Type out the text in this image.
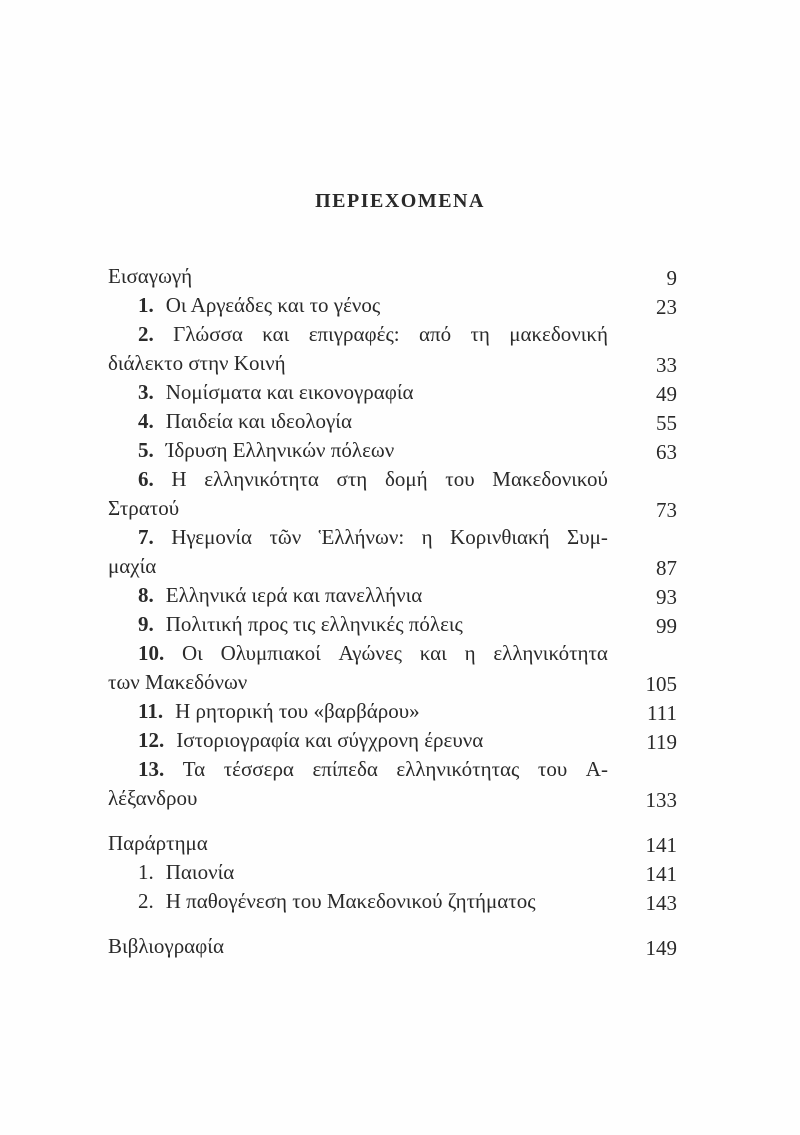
ΠΕΡΙΕΧΟΜΕΝΑ
Εισαγωγή	9
1. Οι Αργεάδες και το γένος	23
2. Γλώσσα και επιγραφές: από τη μακεδονική
διάλεκτο στην Κοινή	33
3. Νομίσματα και εικονογραφία	49
4. Παιδεία και ιδεολογία	55
5. Ίδρυση Ελληνικών πόλεων	63
6. Η ελληνικότητα στη δομή του Μακεδονικού
Στρατού	73
7. Ηγεμονία τῶν Ἑλλήνων: η Κορινθιακή Συμ-
μαχία	87
8. Ελληνικά ιερά και πανελλήνια	93
9. Πολιτική προς τις ελληνικές πόλεις	99
10. Οι Ολυμπιακοί Αγώνες και η ελληνικότητα
των Μακεδόνων	105
11. Η ρητορική του «βαρβάρου»	111
12. Ιστοριογραφία και σύγχρονη έρευνα	119
13. Τα τέσσερα επίπεδα ελληνικότητας του Α-
λέξανδρου	133
Παράρτημα	141
1. Παιονία	141
2. Η παθογένεση του Μακεδονικού ζητήματος	143
Βιβλιογραφία	149
